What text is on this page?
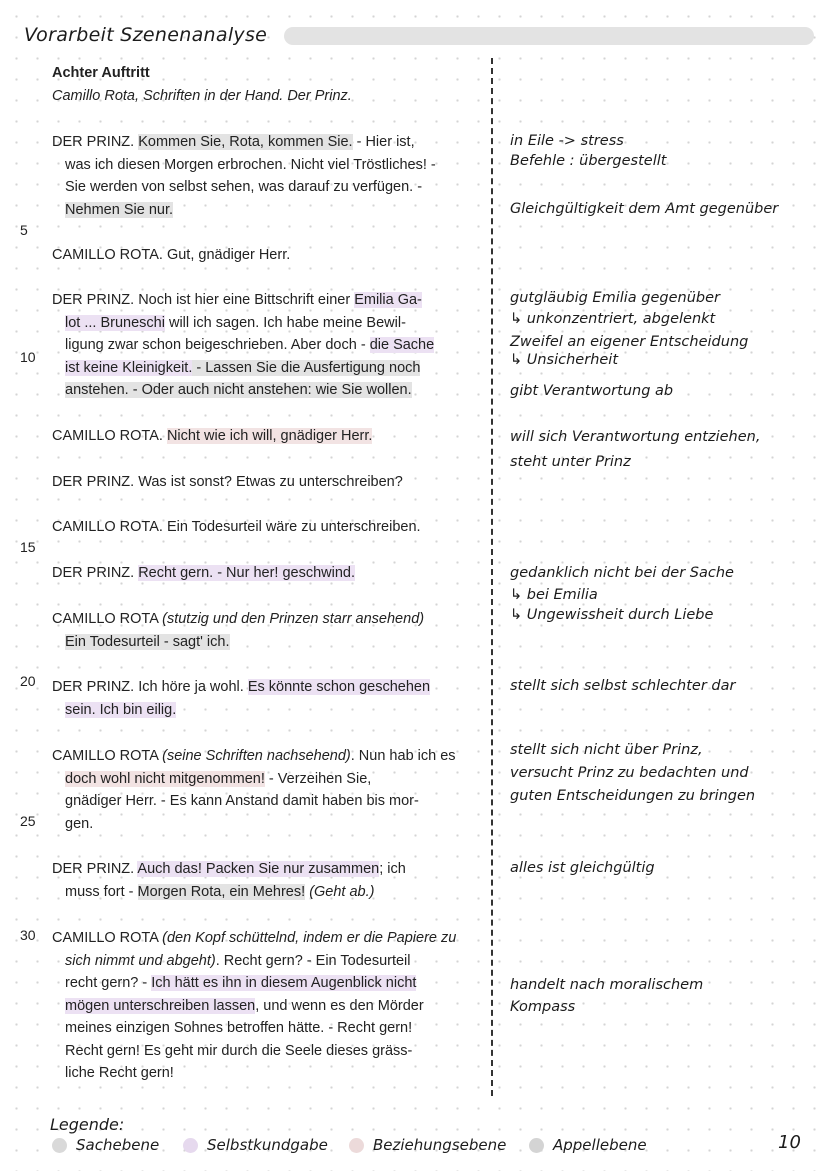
Vorarbeit Szenenanalyse
5
10
15
20
25
30
Achter Auftritt
Camillo Rota, Schriften in der Hand. Der Prinz.
DER PRINZ. Kommen Sie, Rota, kommen Sie. - Hier ist,
was ich diesen Morgen erbrochen. Nicht viel Tröstliches! -
Sie werden von selbst sehen, was darauf zu verfügen. -
Nehmen Sie nur.
CAMILLO ROTA. Gut, gnädiger Herr.
DER PRINZ. Noch ist hier eine Bittschrift einer Emilia Ga-
lot ... Bruneschi will ich sagen. Ich habe meine Bewil-
ligung zwar schon beigeschrieben. Aber doch - die Sache
ist keine Kleinigkeit. - Lassen Sie die Ausfertigung noch
anstehen. - Oder auch nicht anstehen: wie Sie wollen.
CAMILLO ROTA. Nicht wie ich will, gnädiger Herr.
DER PRINZ. Was ist sonst? Etwas zu unterschreiben?
CAMILLO ROTA. Ein Todesurteil wäre zu unterschreiben.
DER PRINZ. Recht gern. - Nur her! geschwind.
CAMILLO ROTA (stutzig und den Prinzen starr ansehend)
Ein Todesurteil - sagt' ich.
DER PRINZ. Ich höre ja wohl. Es könnte schon geschehen
sein. Ich bin eilig.
CAMILLO ROTA (seine Schriften nachsehend). Nun hab ich es
doch wohl nicht mitgenommen! - Verzeihen Sie,
gnädiger Herr. - Es kann Anstand damit haben bis mor-
gen.
DER PRINZ. Auch das! Packen Sie nur zusammen; ich
muss fort - Morgen Rota, ein Mehres! (Geht ab.)
CAMILLO ROTA (den Kopf schüttelnd, indem er die Papiere zu
sich nimmt und abgeht). Recht gern? - Ein Todesurteil
recht gern? - Ich hätt es ihn in diesem Augenblick nicht
mögen unterschreiben lassen, und wenn es den Mörder
meines einzigen Sohnes betroffen hätte. - Recht gern!
Recht gern! Es geht mir durch die Seele dieses gräss-
liche Recht gern!
in Eile -> stress
Befehle : übergestellt
Gleichgültigkeit dem Amt gegenüber
gutgläubig Emilia gegenüber
↳ unkonzentriert, abgelenkt
Zweifel an eigener Entscheidung
↳ Unsicherheit
gibt Verantwortung ab
will sich Verantwortung entziehen,
steht unter Prinz
gedanklich nicht bei der Sache
↳ bei Emilia
↳ Ungewissheit durch Liebe
stellt sich selbst schlechter dar
stellt sich nicht über Prinz,
versucht Prinz zu bedachten und
guten Entscheidungen zu bringen
alles ist gleichgültig
handelt nach moralischem
Kompass
Legende:
Sachebene	Selbstkundgabe	Beziehungsebene	Appellebene	10
